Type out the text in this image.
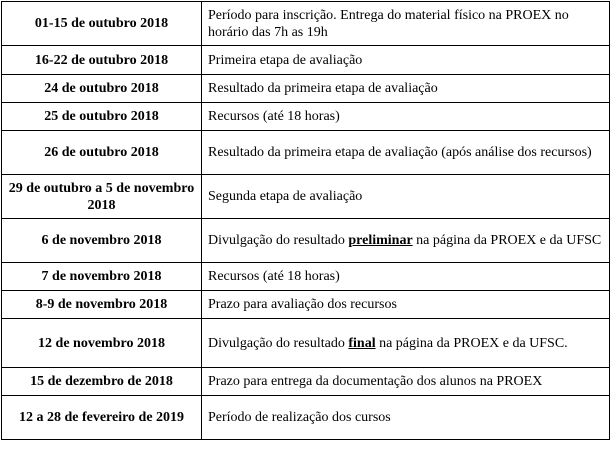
01-15 de outubro 2018	Período para inscrição. Entrega do material físico na PROEX no horário das 7h as 19h
16-22 de outubro 2018	Primeira etapa de avaliação
24 de outubro 2018	Resultado da primeira etapa de avaliação
25 de outubro 2018	Recursos (até 18 horas)
26 de outubro 2018	Resultado da primeira etapa de avaliação (após análise dos recursos)
29 de outubro a 5 de novembro 2018	Segunda etapa de avaliação
6 de novembro 2018	Divulgação do resultado preliminar na página da PROEX e da UFSC
7 de novembro 2018	Recursos (até 18 horas)
8-9 de novembro 2018	Prazo para avaliação dos recursos
12 de novembro 2018	Divulgação do resultado final na página da PROEX e da UFSC.
15 de dezembro de 2018	Prazo para entrega da documentação dos alunos na PROEX
12 a 28 de fevereiro de 2019	Período de realização dos cursos
